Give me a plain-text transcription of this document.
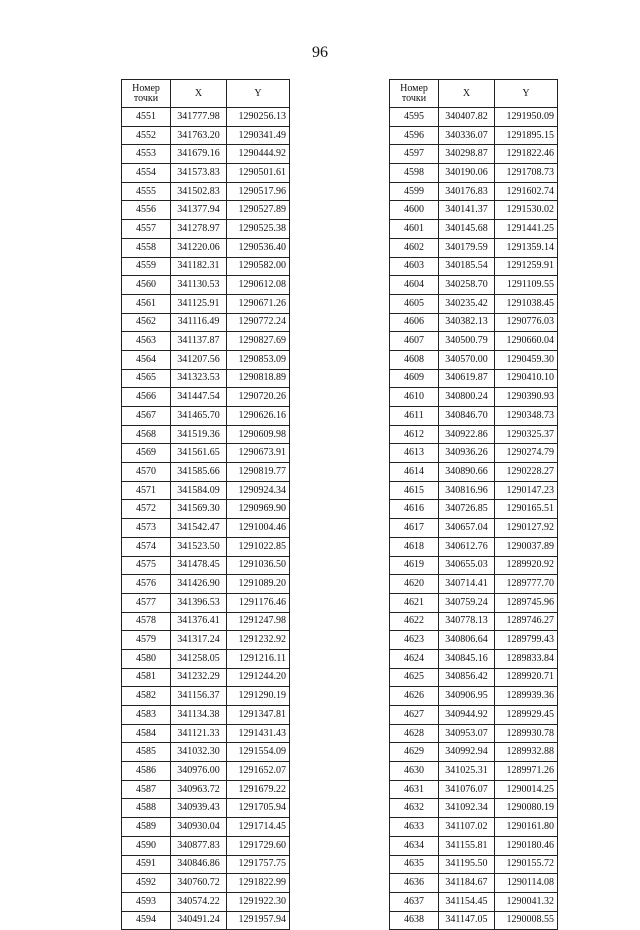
96
Номер точки	X	Y
4551	341777.98	1290256.13
4552	341763.20	1290341.49
4553	341679.16	1290444.92
4554	341573.83	1290501.61
4555	341502.83	1290517.96
4556	341377.94	1290527.89
4557	341278.97	1290525.38
4558	341220.06	1290536.40
4559	341182.31	1290582.00
4560	341130.53	1290612.08
4561	341125.91	1290671.26
4562	341116.49	1290772.24
4563	341137.87	1290827.69
4564	341207.56	1290853.09
4565	341323.53	1290818.89
4566	341447.54	1290720.26
4567	341465.70	1290626.16
4568	341519.36	1290609.98
4569	341561.65	1290673.91
4570	341585.66	1290819.77
4571	341584.09	1290924.34
4572	341569.30	1290969.90
4573	341542.47	1291004.46
4574	341523.50	1291022.85
4575	341478.45	1291036.50
4576	341426.90	1291089.20
4577	341396.53	1291176.46
4578	341376.41	1291247.98
4579	341317.24	1291232.92
4580	341258.05	1291216.11
4581	341232.29	1291244.20
4582	341156.37	1291290.19
4583	341134.38	1291347.81
4584	341121.33	1291431.43
4585	341032.30	1291554.09
4586	340976.00	1291652.07
4587	340963.72	1291679.22
4588	340939.43	1291705.94
4589	340930.04	1291714.45
4590	340877.83	1291729.60
4591	340846.86	1291757.75
4592	340760.72	1291822.99
4593	340574.22	1291922.30
4594	340491.24	1291957.94
Номер точки	X	Y
4595	340407.82	1291950.09
4596	340336.07	1291895.15
4597	340298.87	1291822.46
4598	340190.06	1291708.73
4599	340176.83	1291602.74
4600	340141.37	1291530.02
4601	340145.68	1291441.25
4602	340179.59	1291359.14
4603	340185.54	1291259.91
4604	340258.70	1291109.55
4605	340235.42	1291038.45
4606	340382.13	1290776.03
4607	340500.79	1290660.04
4608	340570.00	1290459.30
4609	340619.87	1290410.10
4610	340800.24	1290390.93
4611	340846.70	1290348.73
4612	340922.86	1290325.37
4613	340936.26	1290274.79
4614	340890.66	1290228.27
4615	340816.96	1290147.23
4616	340726.85	1290165.51
4617	340657.04	1290127.92
4618	340612.76	1290037.89
4619	340655.03	1289920.92
4620	340714.41	1289777.70
4621	340759.24	1289745.96
4622	340778.13	1289746.27
4623	340806.64	1289799.43
4624	340845.16	1289833.84
4625	340856.42	1289920.71
4626	340906.95	1289939.36
4627	340944.92	1289929.45
4628	340953.07	1289930.78
4629	340992.94	1289932.88
4630	341025.31	1289971.26
4631	341076.07	1290014.25
4632	341092.34	1290080.19
4633	341107.02	1290161.80
4634	341155.81	1290180.46
4635	341195.50	1290155.72
4636	341184.67	1290114.08
4637	341154.45	1290041.32
4638	341147.05	1290008.55
